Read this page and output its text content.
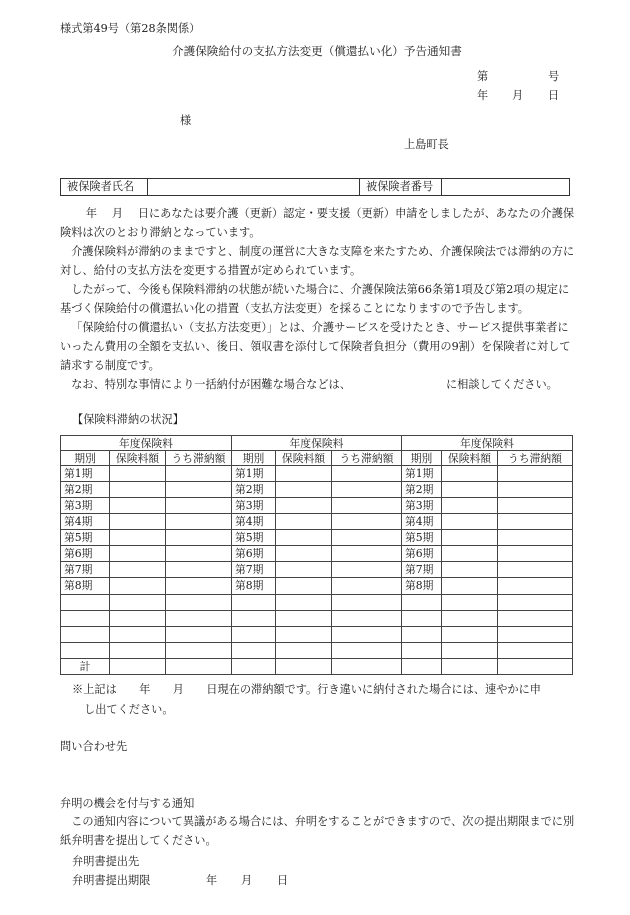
様式第49号（第28条関係）
介護保険給付の支払方法変更（償還払い化）予告通知書
第	号
年 月 日
様
上島町長
被保険者氏名	被保険者番号

　 年　 月　 日にあなたは要介護（更新）認定・要支援（更新）申請をしましたが、あなたの介護保険料は次のとおり滞納となっています。

介護保険料が滞納のままですと、制度の運営に大きな支障を来たすため、介護保険法では滞納の方に対し、給付の支払方法を変更する措置が定められています。

したがって、今後も保険料滞納の状態が続いた場合に、介護保険法第66条第1項及び第2項の規定に基づく保険給付の償還払い化の措置（支払方法変更）を採ることになりますので予告します。

「保険給付の償還払い（支払方法変更）」とは、介護サービスを受けたとき、サービス提供事業者にいったん費用の全額を支払い、後日、領収書を添付して保険者負担分（費用の9割）を保険者に対して請求する制度です。

なお、特別な事情により一括納付が困難な場合などは、　　　　　　　　　に相談してください。

【保険料滞納の状況】
年度保険料			年度保険料			年度保険料		
期別	保険料額	うち滞納額	期別	保険料額	うち滞納額	期別	保険料額	うち滞納額
第1期			第1期			第1期		
第2期			第2期			第2期		
第3期			第3期			第3期		
第4期			第4期			第4期		
第5期			第5期			第5期		
第6期			第6期			第6期		
第7期			第7期			第7期		
第8期			第8期			第8期		

計								
※上記は　　年　　月　　日現在の滞納額です。行き違いに納付された場合には、速やかに申
し出てください。
問い合わせ先
弁明の機会を付与する通知

この通知内容について異議がある場合には、弁明をすることができますので、次の提出期限までに別紙弁明書を提出してください。

弁明書提出先
弁明書提出期限	年 月 日
